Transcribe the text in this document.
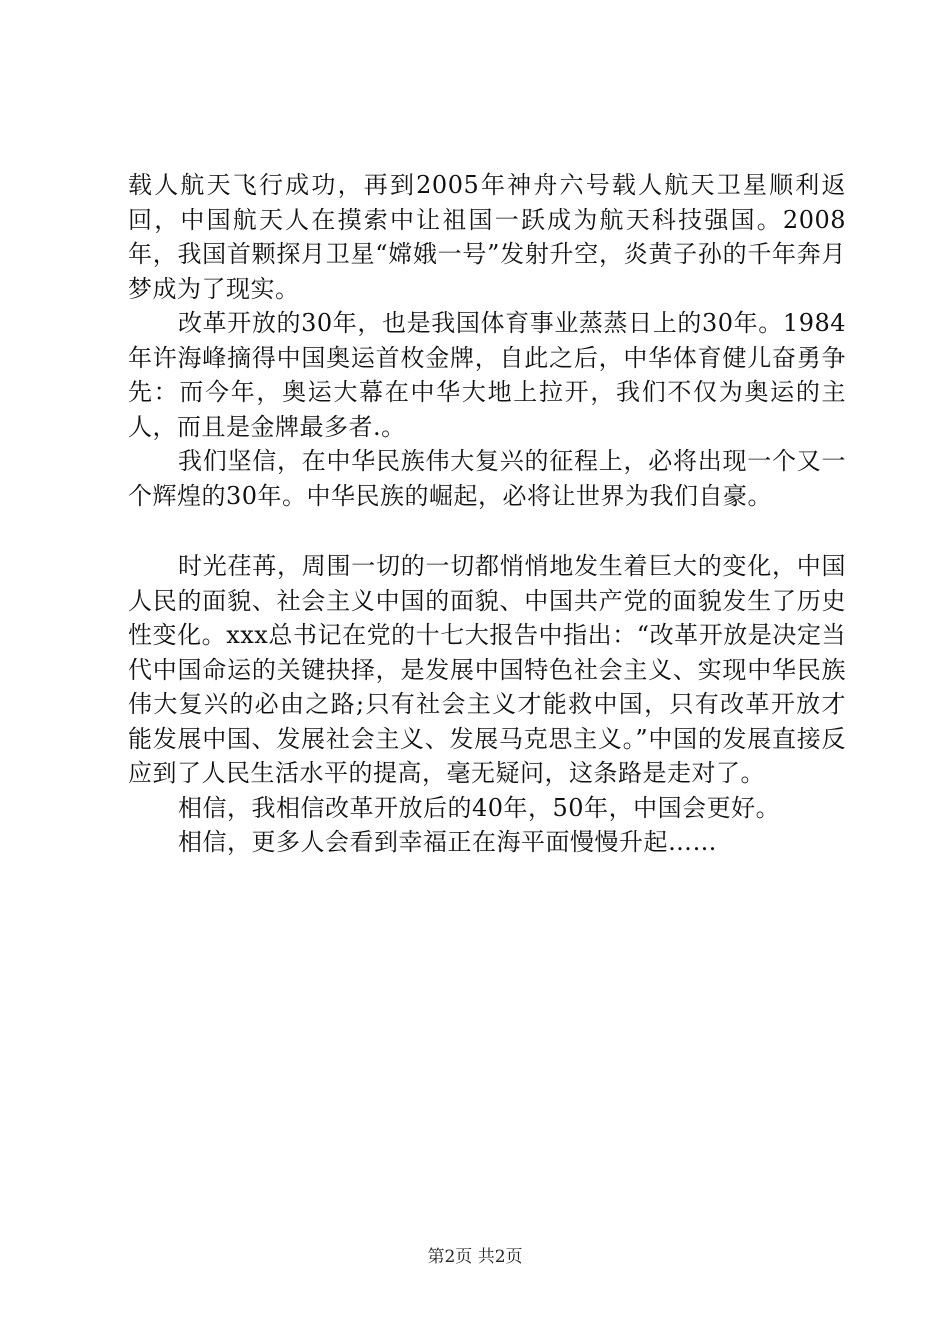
载人航天飞行成功，再到2005年神舟六号载人航天卫星顺利返回，中国航天人在摸索中让祖国一跃成为航天科技强国。2008年，我国首颗探月卫星“嫦娥一号”发射升空，炎黄子孙的千年奔月梦成为了现实。

改革开放的30年，也是我国体育事业蒸蒸日上的30年。1984年许海峰摘得中国奥运首枚金牌，自此之后，中华体育健儿奋勇争先：而今年，奥运大幕在中华大地上拉开，我们不仅为奥运的主人，而且是金牌最多者.。

我们坚信，在中华民族伟大复兴的征程上，必将出现一个又一个辉煌的30年。中华民族的崛起，必将让世界为我们自豪。

时光荏苒，周围一切的一切都悄悄地发生着巨大的变化，中国人民的面貌、社会主义中国的面貌、中国共产党的面貌发生了历史性变化。xxx总书记在党的十七大报告中指出：“改革开放是决定当代中国命运的关键抉择，是发展中国特色社会主义、实现中华民族伟大复兴的必由之路;只有社会主义才能救中国，只有改革开放才能发展中国、发展社会主义、发展马克思主义。”中国的发展直接反应到了人民生活水平的提高，毫无疑问，这条路是走对了。

相信，我相信改革开放后的40年，50年，中国会更好。

相信，更多人会看到幸福正在海平面慢慢升起……

第2页 共2页
